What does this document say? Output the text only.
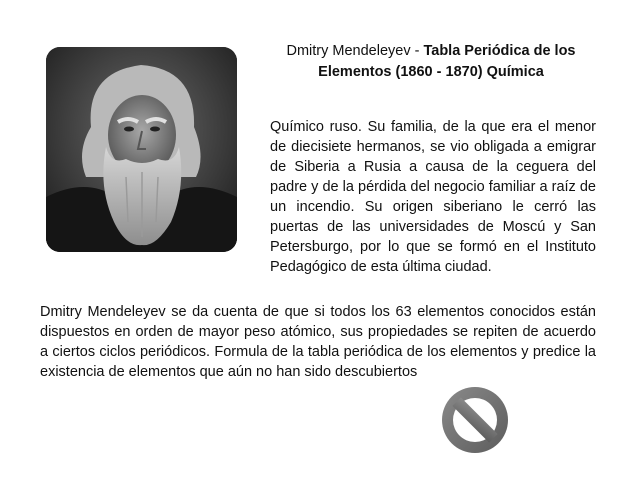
Dmitry Mendeleyev - Tabla Periódica de los Elementos (1860 - 1870) Química
Químico ruso. Su familia, de la que era el menor de diecisiete hermanos, se vio obligada a emigrar de Siberia a Rusia a causa de la ceguera del padre y de la pérdida del negocio familiar a raíz de un incendio. Su origen siberiano le cerró las puertas de las universidades de Moscú y San Petersburgo, por lo que se formó en el Instituto Pedagógico de esta última ciudad.
Dmitry Mendeleyev se da cuenta de que si todos los 63 elementos conocidos están dispuestos en orden de mayor peso atómico, sus propiedades se repiten de acuerdo a ciertos ciclos periódicos. Formula de la tabla periódica de los elementos y predice la existencia de elementos que aún no han sido descubiertos
